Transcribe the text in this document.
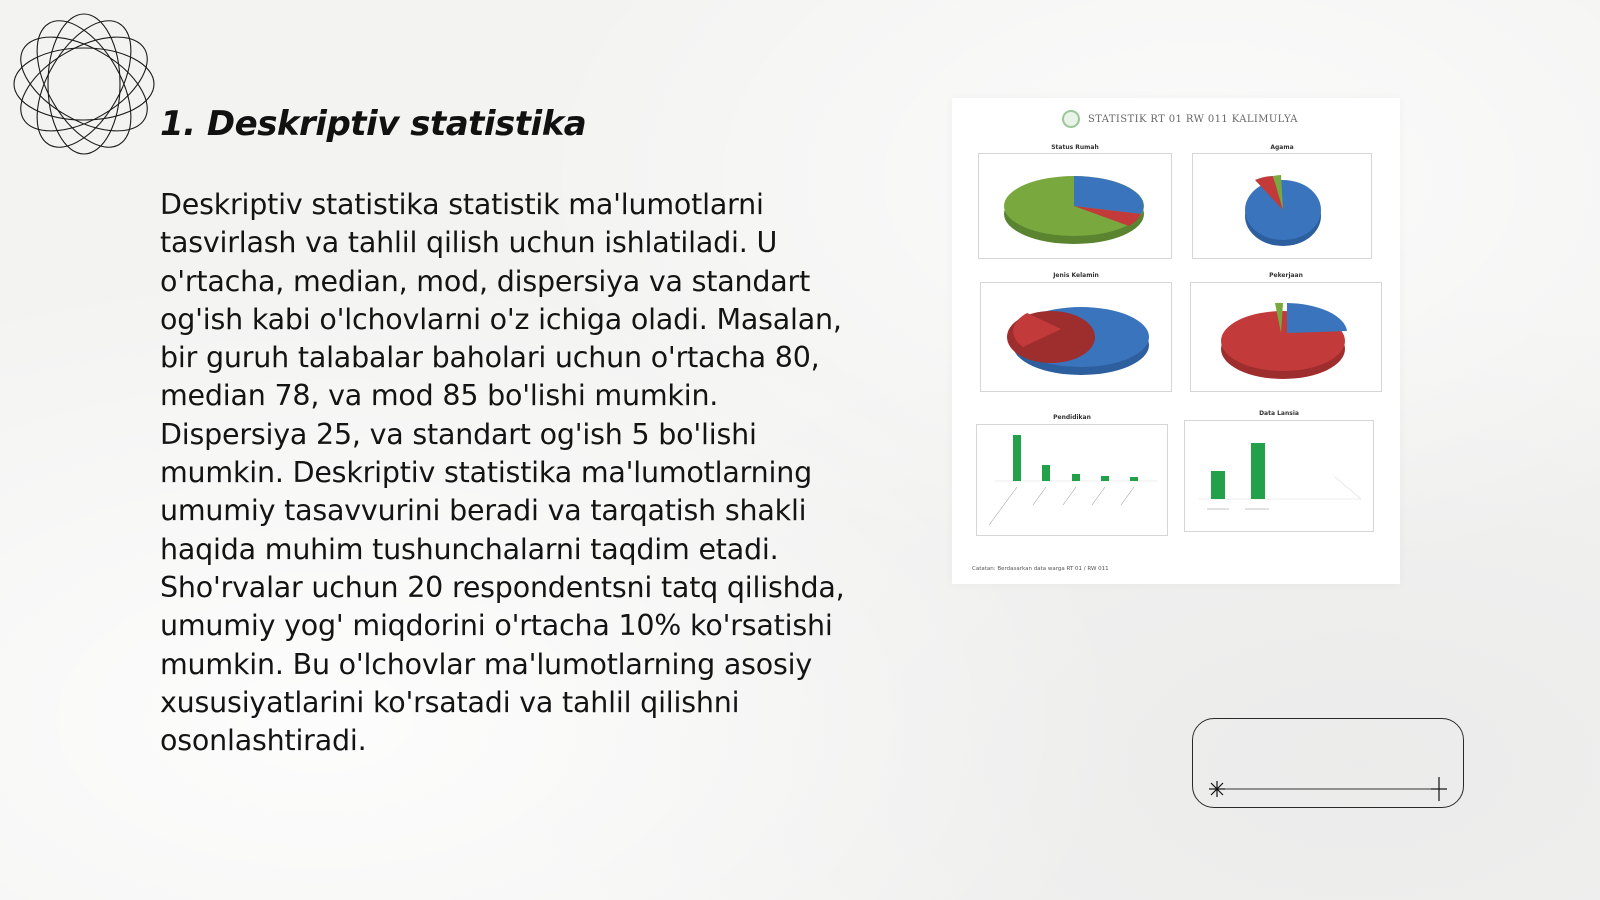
1. Deskriptiv statistika

Deskriptiv statistika statistik ma'lumotlarni tasvirlash va tahlil qilish uchun ishlatiladi. U o'rtacha, median, mod, dispersiya va standart og'ish kabi o'lchovlarni o'z ichiga oladi. Masalan, bir guruh talabalar baholari uchun o'rtacha 80, median 78, va mod 85 bo'lishi mumkin. Dispersiya 25, va standart og'ish 5 bo'lishi mumkin. Deskriptiv statistika ma'lumotlarning umumiy tasavvurini beradi va tarqatish shakli haqida muhim tushunchalarni taqdim etadi. Sho'rvalar uchun 20 respondentsni tatq qilishda, umumiy yog' miqdorini o'rtacha 10% ko'rsatishi mumkin. Bu o'lchovlar ma'lumotlarning asosiy xususiyatlarini ko'rsatadi va tahlil qilishni osonlashtiradi.

STATISTIK RT 01 RW 011 KALIMULYA
Status Rumah	Agama
Jenis Kelamin	Pekerjaan
Pendidikan
Data Lansia
Catatan: Berdasarkan data warga RT 01 / RW 011
